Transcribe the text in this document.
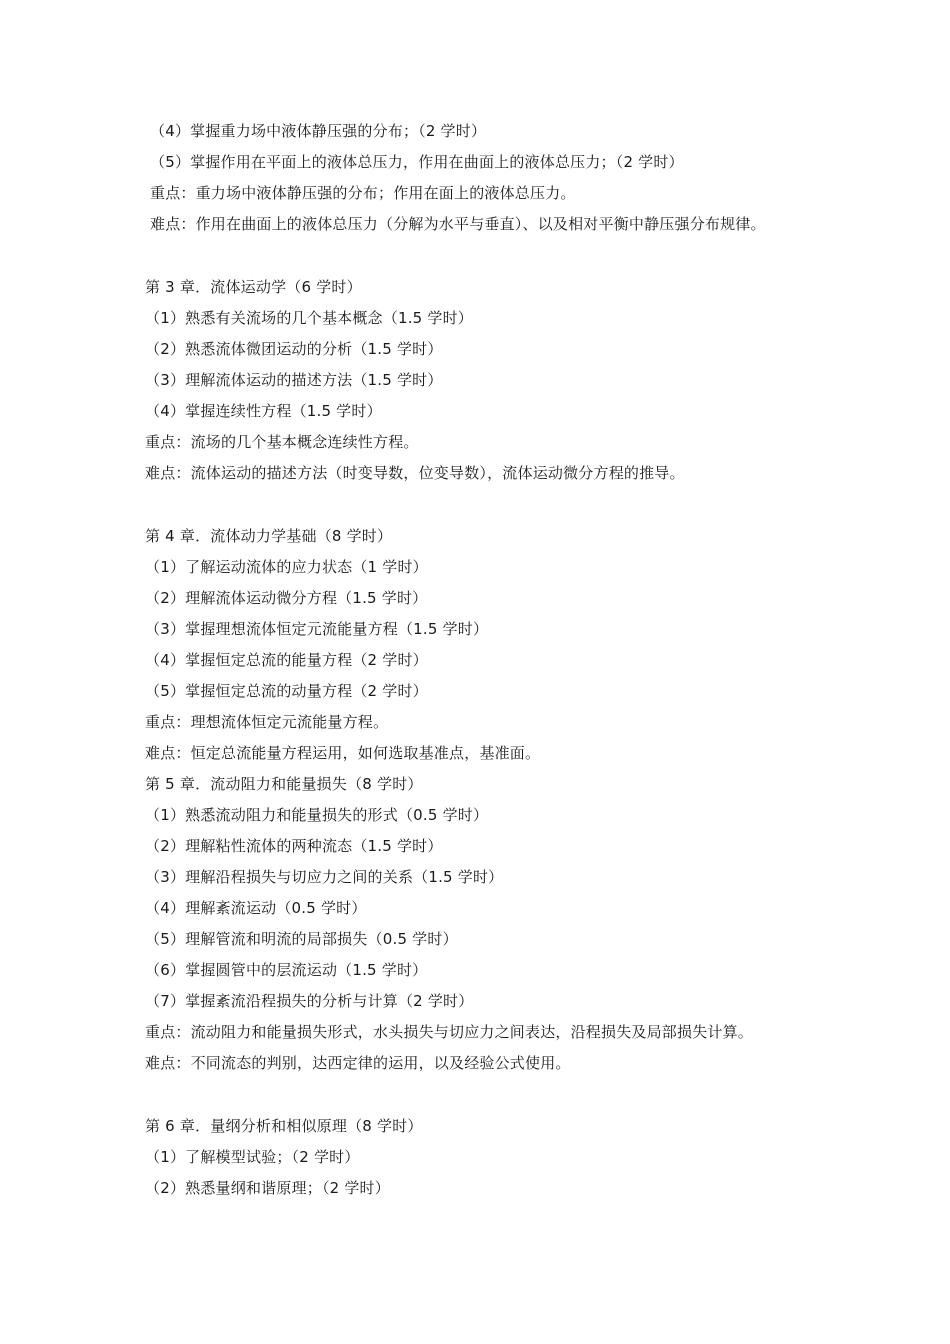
（4）掌握重力场中液体静压强的分布；（2 学时）
（5）掌握作用在平面上的液体总压力，作用在曲面上的液体总压力；（2 学时）
重点：重力场中液体静压强的分布；作用在面上的液体总压力。
难点：作用在曲面上的液体总压力（分解为水平与垂直）、以及相对平衡中静压强分布规律。
第 3 章．流体运动学（6 学时）
（1）熟悉有关流场的几个基本概念（1.5 学时）
（2）熟悉流体微团运动的分析（1.5 学时）
（3）理解流体运动的描述方法（1.5 学时）
（4）掌握连续性方程（1.5 学时）
重点：流场的几个基本概念连续性方程。
难点：流体运动的描述方法（时变导数，位变导数），流体运动微分方程的推导。
第 4 章．流体动力学基础（8 学时）
（1）了解运动流体的应力状态（1 学时）
（2）理解流体运动微分方程（1.5 学时）
（3）掌握理想流体恒定元流能量方程（1.5 学时）
（4）掌握恒定总流的能量方程（2 学时）
（5）掌握恒定总流的动量方程（2 学时）
重点：理想流体恒定元流能量方程。
难点：恒定总流能量方程运用，如何选取基准点，基准面。
第 5 章．流动阻力和能量损失（8 学时）
（1）熟悉流动阻力和能量损失的形式（0.5 学时）
（2）理解粘性流体的两种流态（1.5 学时）
（3）理解沿程损失与切应力之间的关系（1.5 学时）
（4）理解紊流运动（0.5 学时）
（5）理解管流和明流的局部损失（0.5 学时）
（6）掌握圆管中的层流运动（1.5 学时）
（7）掌握紊流沿程损失的分析与计算（2 学时）
重点：流动阻力和能量损失形式，水头损失与切应力之间表达，沿程损失及局部损失计算。
难点：不同流态的判别，达西定律的运用，以及经验公式使用。
第 6 章．量纲分析和相似原理（8 学时）
（1）了解模型试验；（2 学时）
（2）熟悉量纲和谐原理；（2 学时）
